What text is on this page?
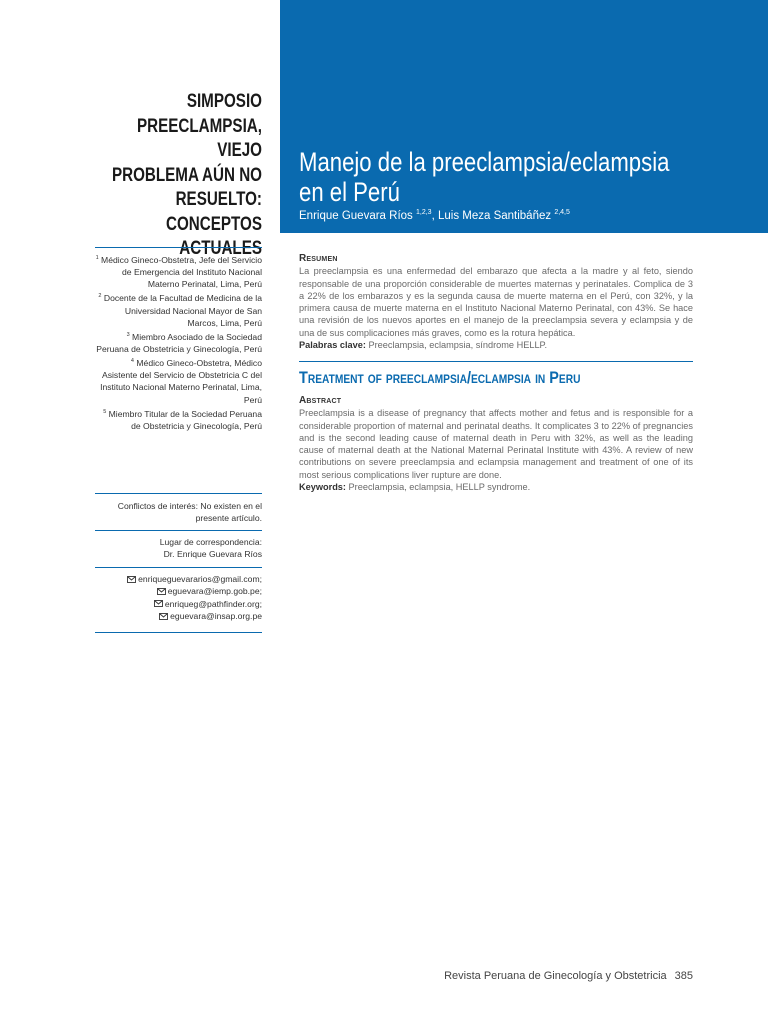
Manejo de la preeclampsia/eclampsia
en el Perú
Enrique Guevara Ríos $^{1,2,3}$, Luis Meza Santibáñez $^{2,4,5}$
SIMPOSIO
PREECLAMPSIA, VIEJO
PROBLEMA AÚN NO
RESUELTO: CONCEPTOS
ACTUALES
$^1$ Médico Gineco-Obstetra, Jefe del Servicio de Emergencia del Instituto Nacional Materno Perinatal, Lima, Perú
$^2$ Docente de la Facultad de Medicina de la Universidad Nacional Mayor de San Marcos, Lima, Perú
$^3$ Miembro Asociado de la Sociedad Peruana de Obstetricia y Ginecología, Perú
$^4$ Médico Gineco-Obstetra, Médico Asistente del Servicio de Obstetricia C del Instituto Nacional Materno Perinatal, Lima, Perú
$^5$ Miembro Titular de la Sociedad Peruana de Obstetricia y Ginecología, Perú
Conflictos de interés: No existen en el presente artículo.
Lugar de correspondencia:
Dr. Enrique Guevara Ríos
enriqueguevararios@gmail.com;
eguevara@iemp.gob.pe;
enriqueg@pathfinder.org;
eguevara@insap.org.pe
Resumen

La preeclampsia es una enfermedad del embarazo que afecta a la madre y al feto, siendo responsable de una proporción considerable de muertes maternas y perinatales. Complica de 3 a 22% de los embarazos y es la segunda causa de muerte materna en el Perú, con 32%, y la primera causa de muerte materna en el Instituto Nacional Materno Perinatal, con 43%. Se hace una revisión de los nuevos aportes en el manejo de la preeclampsia severa y eclampsia y de una de sus complicaciones más graves, como es la rotura hepática.

Palabras clave: Preeclampsia, eclampsia, síndrome HELLP.
Treatment of preeclampsia/eclampsia in Peru
Abstract

Preeclampsia is a disease of pregnancy that affects mother and fetus and is responsible for a considerable proportion of maternal and perinatal deaths. It complicates 3 to 22% of pregnancies and is the second leading cause of maternal death in Peru with 32%, as well as the leading cause of maternal death at the National Maternal Perinatal Institute with 43%. A review of new contributions on severe preeclampsia and eclampsia management and treatment of one of its most serious complications liver rupture are done.

Keywords: Preeclampsia, eclampsia, HELLP syndrome.
Revista Peruana de Ginecología y Obstetricia 385
